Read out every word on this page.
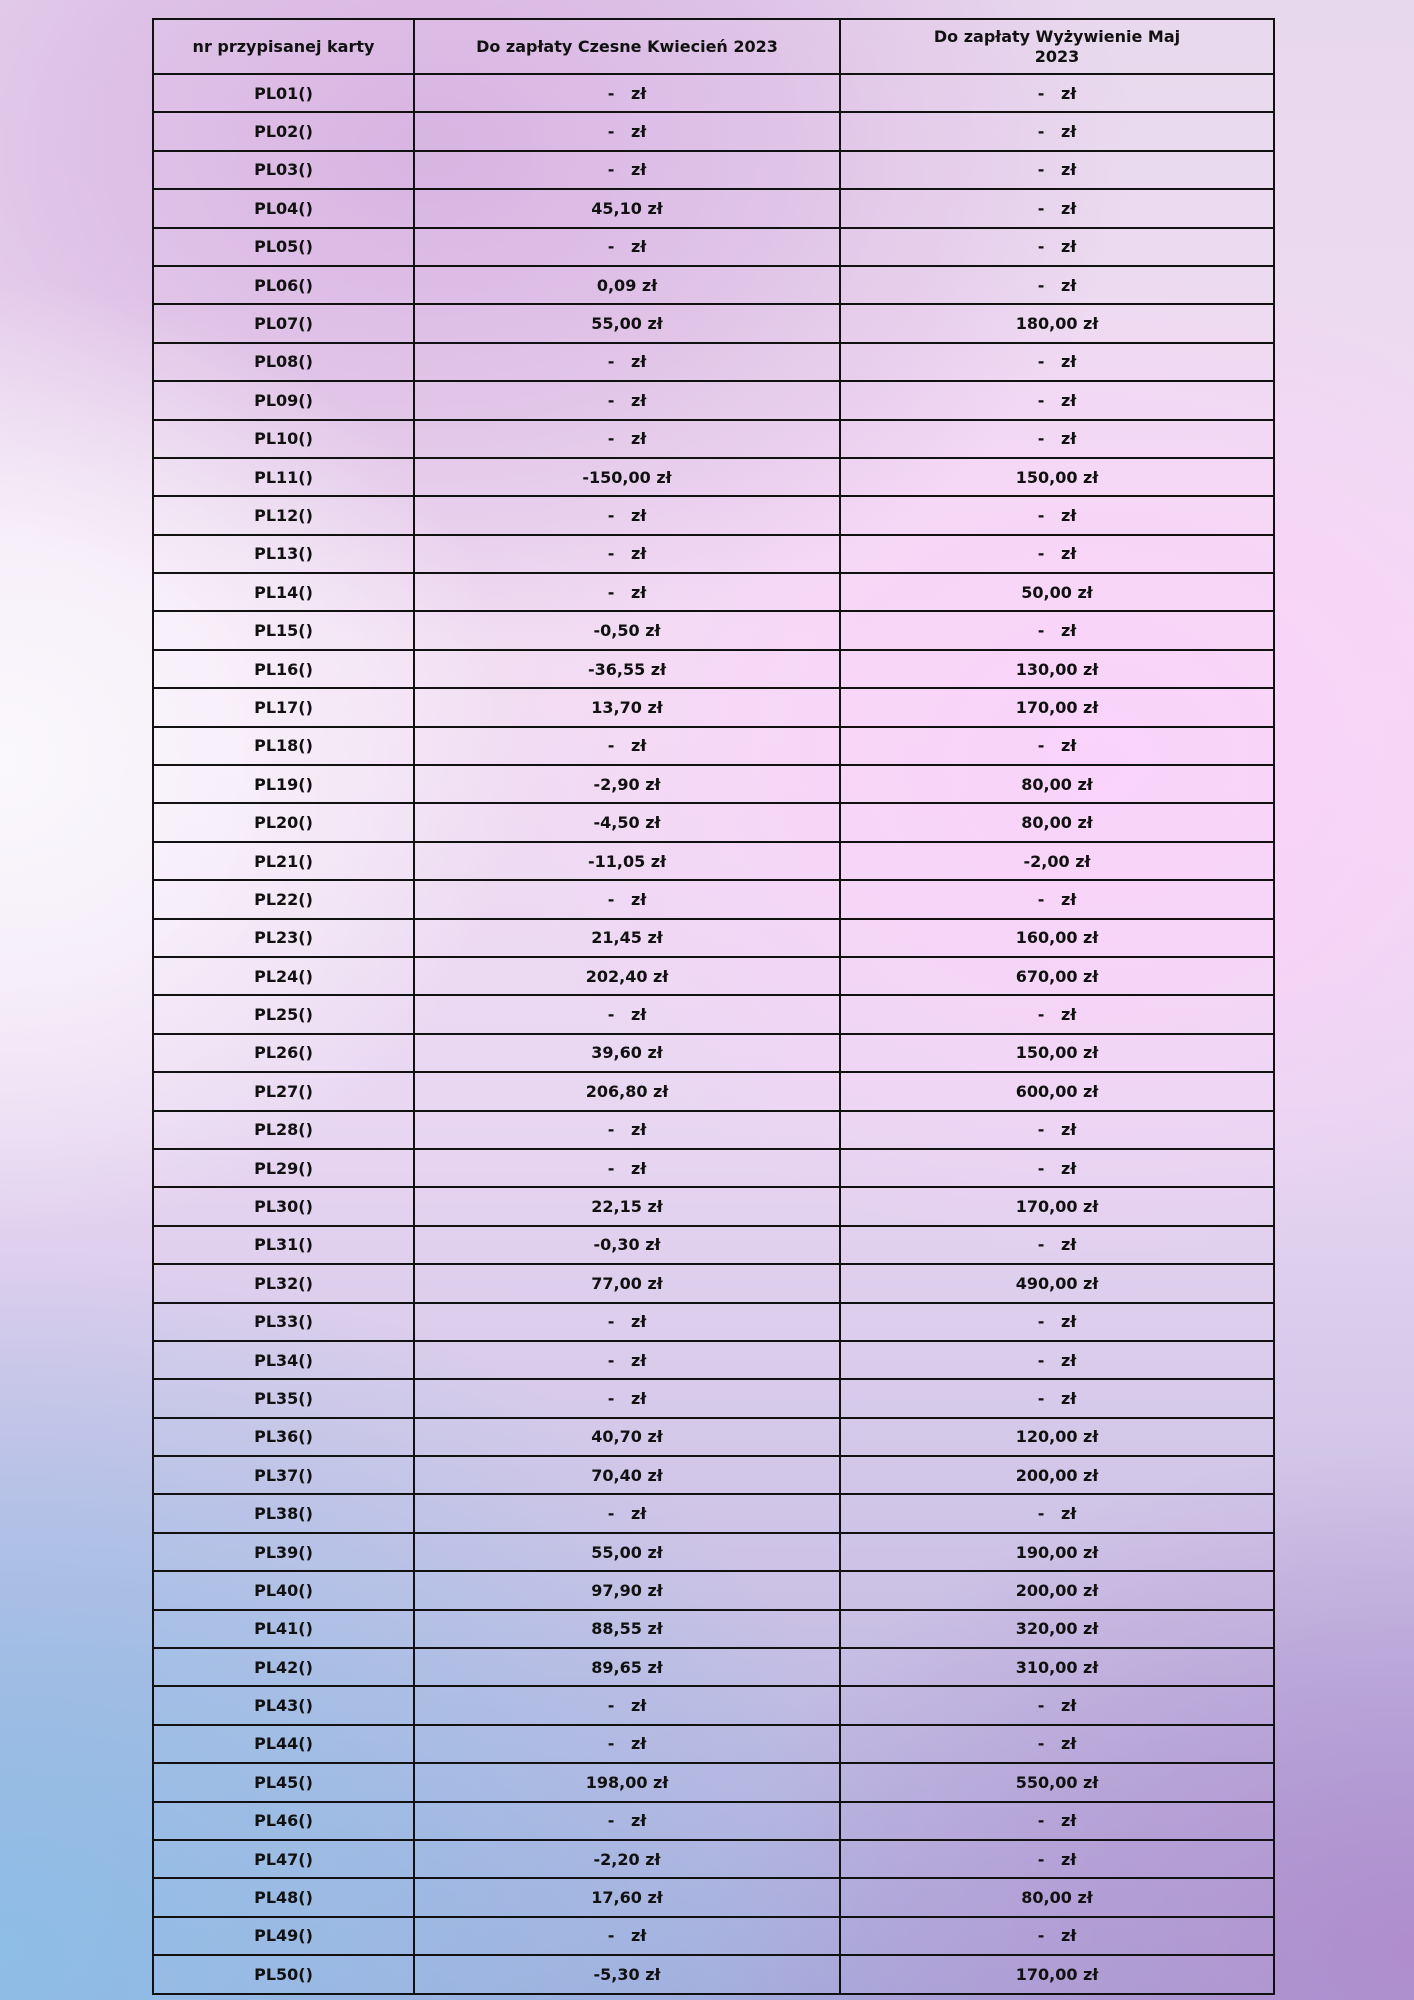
nr przypisanej karty	Do zapłaty Czesne Kwiecień 2023	Do zapłaty Wyżywienie Maj 2023
PL01()	-   zł	-   zł
PL02()	-   zł	-   zł
PL03()	-   zł	-   zł
PL04()	45,10 zł	-   zł
PL05()	-   zł	-   zł
PL06()	0,09 zł	-   zł
PL07()	55,00 zł	180,00 zł
PL08()	-   zł	-   zł
PL09()	-   zł	-   zł
PL10()	-   zł	-   zł
PL11()	-150,00 zł	150,00 zł
PL12()	-   zł	-   zł
PL13()	-   zł	-   zł
PL14()	-   zł	50,00 zł
PL15()	-0,50 zł	-   zł
PL16()	-36,55 zł	130,00 zł
PL17()	13,70 zł	170,00 zł
PL18()	-   zł	-   zł
PL19()	-2,90 zł	80,00 zł
PL20()	-4,50 zł	80,00 zł
PL21()	-11,05 zł	-2,00 zł
PL22()	-   zł	-   zł
PL23()	21,45 zł	160,00 zł
PL24()	202,40 zł	670,00 zł
PL25()	-   zł	-   zł
PL26()	39,60 zł	150,00 zł
PL27()	206,80 zł	600,00 zł
PL28()	-   zł	-   zł
PL29()	-   zł	-   zł
PL30()	22,15 zł	170,00 zł
PL31()	-0,30 zł	-   zł
PL32()	77,00 zł	490,00 zł
PL33()	-   zł	-   zł
PL34()	-   zł	-   zł
PL35()	-   zł	-   zł
PL36()	40,70 zł	120,00 zł
PL37()	70,40 zł	200,00 zł
PL38()	-   zł	-   zł
PL39()	55,00 zł	190,00 zł
PL40()	97,90 zł	200,00 zł
PL41()	88,55 zł	320,00 zł
PL42()	89,65 zł	310,00 zł
PL43()	-   zł	-   zł
PL44()	-   zł	-   zł
PL45()	198,00 zł	550,00 zł
PL46()	-   zł	-   zł
PL47()	-2,20 zł	-   zł
PL48()	17,60 zł	80,00 zł
PL49()	-   zł	-   zł
PL50()	-5,30 zł	170,00 zł
